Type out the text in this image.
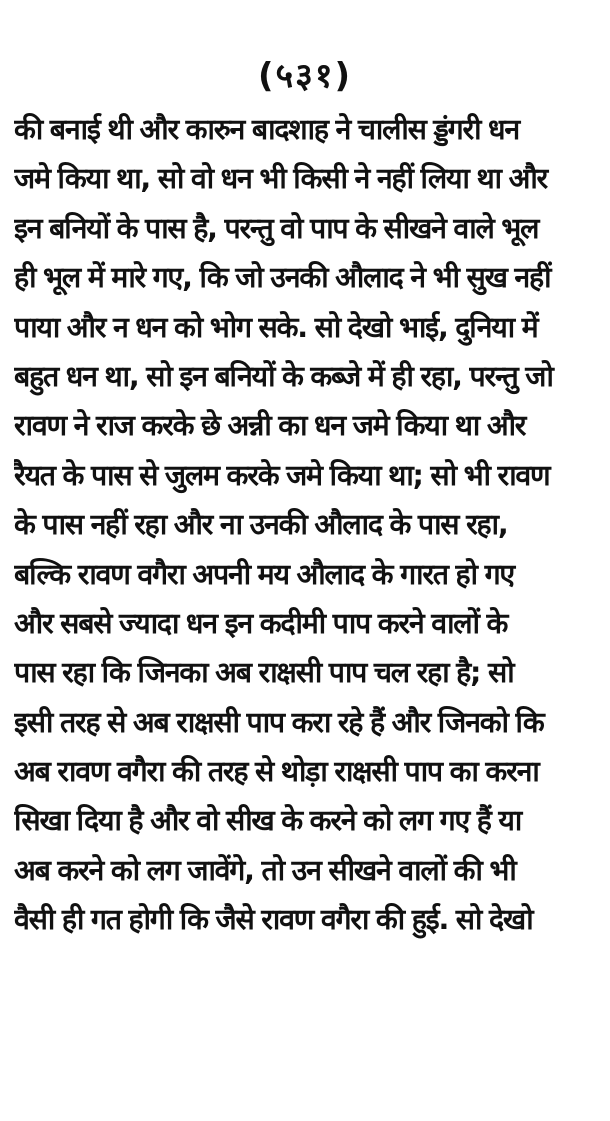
(५३१)
की बनाई थी और कारुन बादशाह ने चालीस ड्डंगरी धन
जमे किया था, सो वो धन भी किसी ने नहीं लिया था और
इन बनियों के पास है, परन्तु वो पाप के सीखने वाले भूल
ही भूल में मारे गए, कि जो उनकी औलाद ने भी सुख नहीं
पाया और न धन को भोग सके. सो देखो भाई, दुनिया में
बहुत धन था, सो इन बनियों के कब्जे में ही रहा, परन्तु जो
रावण ने राज करके छे अन्नी का धन जमे किया था और
रैयत के पास से जुलम करके जमे किया था; सो भी रावण
के पास नहीं रहा और ना उनकी औलाद के पास रहा,
बल्कि रावण वगैरा अपनी मय औलाद के गारत हो गए
और सबसे ज्यादा धन इन कदीमी पाप करने वालों के
पास रहा कि जिनका अब राक्षसी पाप चल रहा है; सो
इसी तरह से अब राक्षसी पाप करा रहे हैं और जिनको कि
अब रावण वगैरा की तरह से थोड़ा राक्षसी पाप का करना
सिखा दिया है और वो सीख के करने को लग गए हैं या
अब करने को लग जावेंगे, तो उन सीखने वालों की भी
वैसी ही गत होगी कि जैसे रावण वगैरा की हुई. सो देखो
